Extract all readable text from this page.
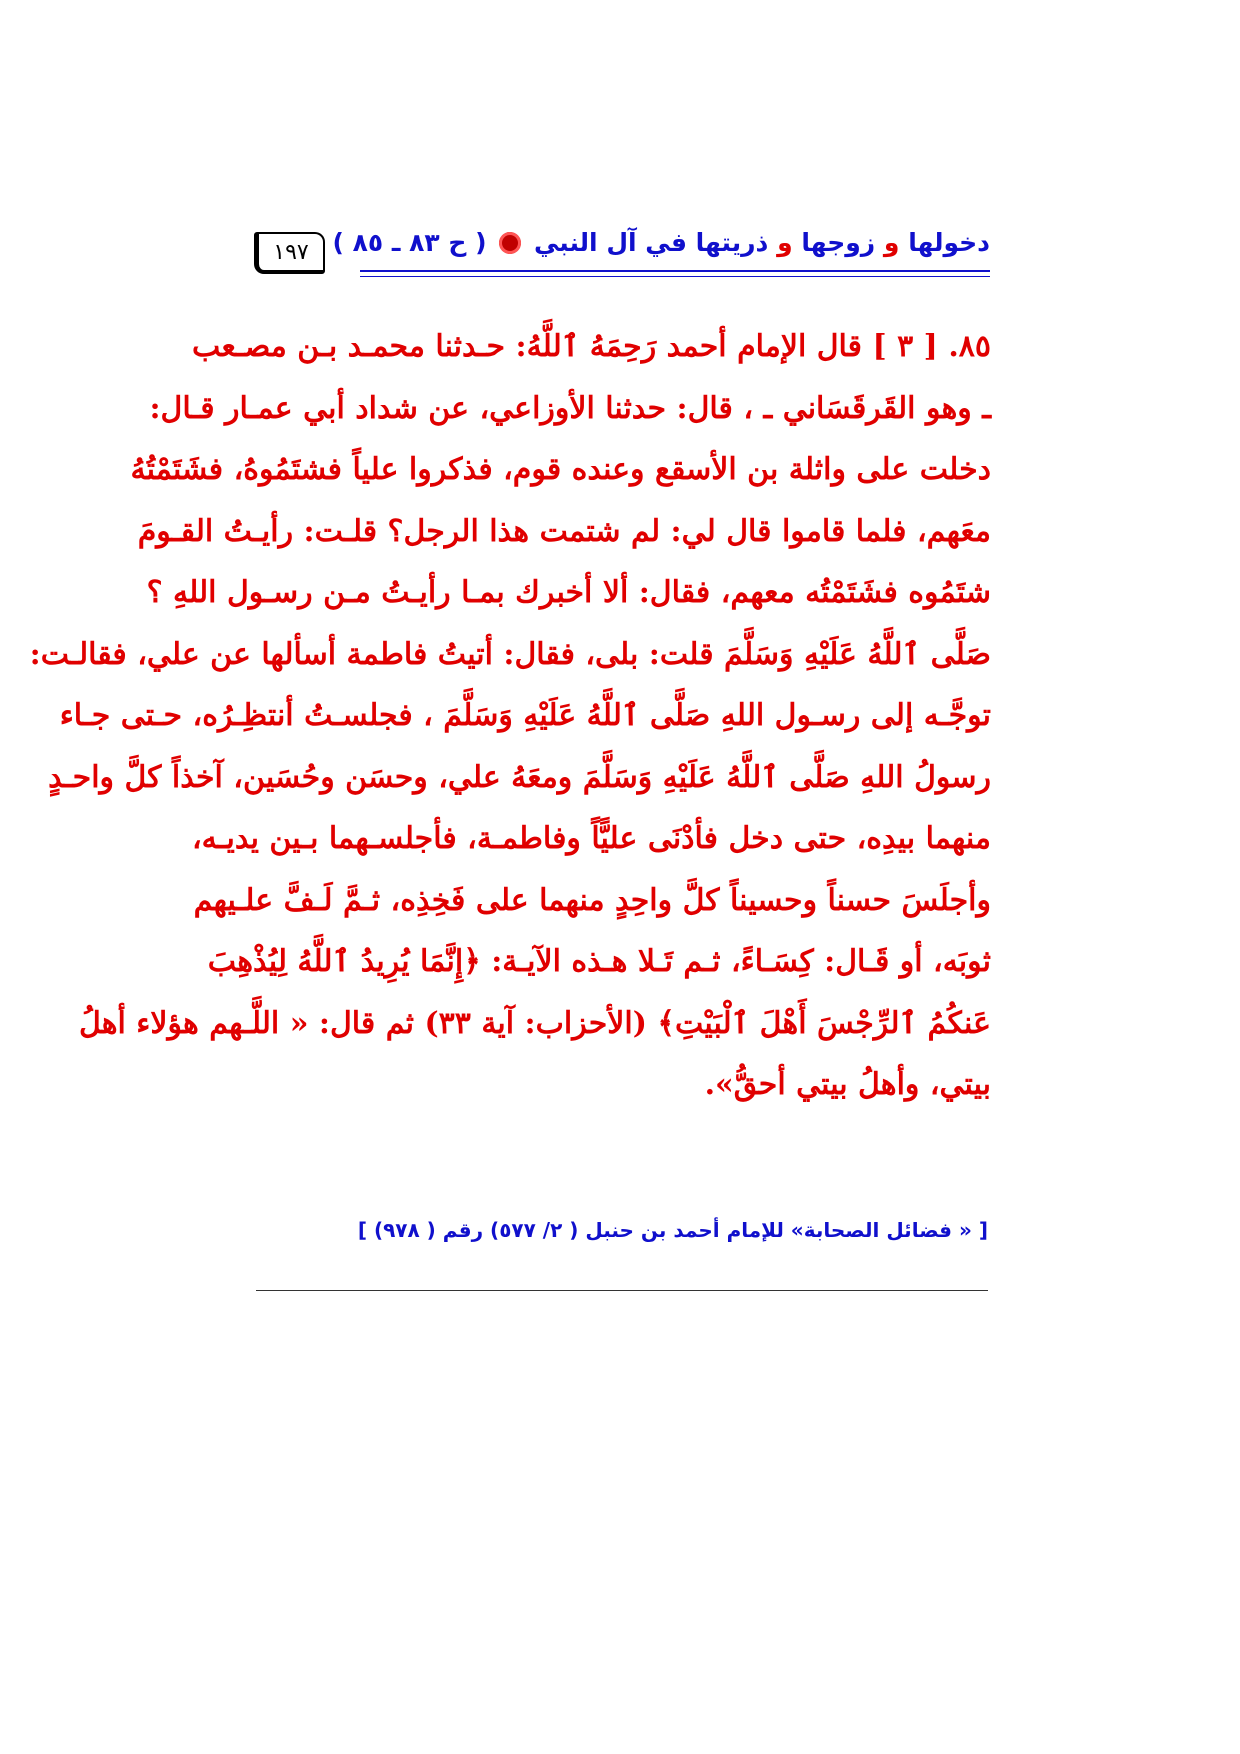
دخولها و زوجها و ذريتها في آل النبي  ( ح ٨٣ ـ ٨٥ )
١٩٧
٨٥. [ ٣ ] قال الإمام أحمد رَحِمَهُ ٱللَّهُ: حـدثنا محمـد بـن مصـعب
ـ وهو القَرقَسَاني ـ ، قال: حدثنا الأوزاعي، عن شداد أبي عمـار قـال:
دخلت على واثلة بن الأسقع وعنده قوم، فذكروا علياً فشتَمُوهُ، فشَتَمْتُهُ
معَهم، فلما قاموا قال لي: لم شتمت هذا الرجل؟ قلـت: رأيـتُ القـومَ
شتَمُوه فشَتَمْتُه معهم، فقال: ألا أخبرك بمـا رأيـتُ مـن رسـول اللهِ ؟
صَلَّى ٱللَّهُ عَلَيْهِ وَسَلَّمَ قلت: بلى، فقال: أتيتُ فاطمة أسألها عن علي، فقالـت:
توجَّـه إلى رسـول اللهِ صَلَّى ٱللَّهُ عَلَيْهِ وَسَلَّمَ ، فجلسـتُ أنتظِـرُه، حـتى جـاء
رسولُ اللهِ صَلَّى ٱللَّهُ عَلَيْهِ وَسَلَّمَ ومعَهُ علي، وحسَن وحُسَين، آخذاً كلَّ واحـدٍ
منهما بيدِه، حتى دخل فأدْنَى عليًّاً وفاطمـة، فأجلسـهما بـين يديـه،
وأجلَسَ حسناً وحسيناً كلَّ واحِدٍ منهما على فَخِذِه، ثـمَّ لَـفَّ علـيهم
ثوبَه، أو قَـال: كِسَـاءً، ثـم تَـلا هـذه الآيـة: ﴿إِنَّمَا يُرِيدُ ٱللَّهُ لِيُذْهِبَ
عَنكُمُ ٱلرِّجْسَ أَهْلَ ٱلْبَيْتِ﴾ (الأحزاب: آية ٣٣) ثم قال: « اللَّـهم هؤلاء أهلُ
بيتي، وأهلُ بيتي أحقُّ».
[ « فضائل الصحابة» للإمام أحمد بن حنبل ( ٢/ ٥٧٧) رقم ( ٩٧٨) ]
